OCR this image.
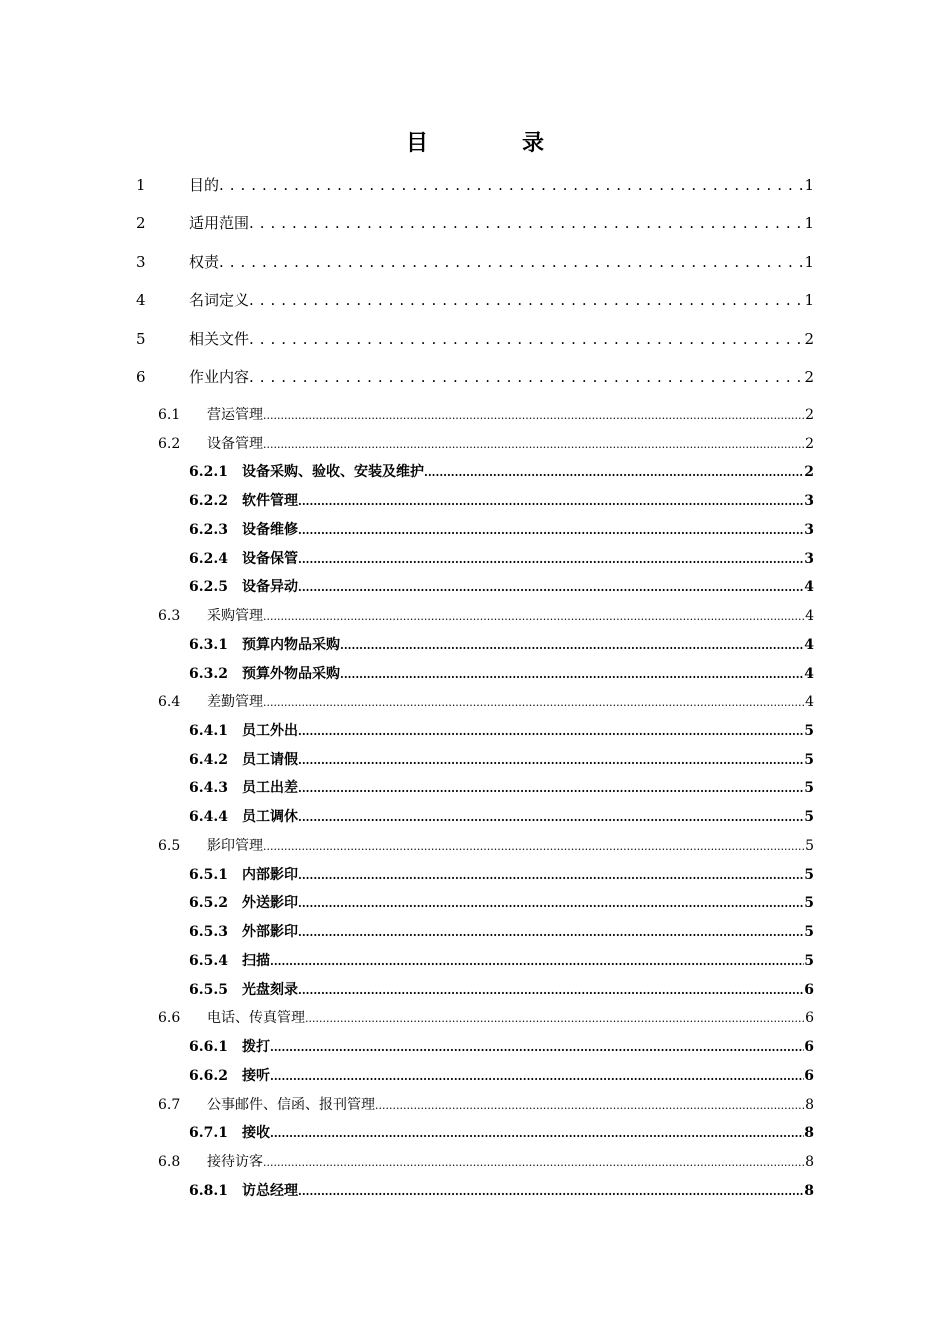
目　录
1	目的 . . .	1
2	适用范围 . . .	1
3	权责 . . .	1
4	名词定义 . . .	1
5	相关文件 . . .	2
6	作业内容 . . .	2
6.1	营运管理 .....	2
6.2	设备管理 .....	2
6.2.1	设备采购、验收、安装及维护 .....	2
6.2.2	软件管理 .....	3
6.2.3	设备维修 .....	3
6.2.4	设备保管 .....	3
6.2.5	设备异动 .....	4
6.3	采购管理 .....	4
6.3.1	预算内物品采购 .....	4
6.3.2	预算外物品采购 .....	4
6.4	差勤管理 .....	4
6.4.1	员工外出 .....	5
6.4.2	员工请假 .....	5
6.4.3	员工出差 .....	5
6.4.4	员工调休 .....	5
6.5	影印管理 .....	5
6.5.1	内部影印 .....	5
6.5.2	外送影印 .....	5
6.5.3	外部影印 .....	5
6.5.4	扫描 .....	5
6.5.5	光盘刻录 .....	6
6.6	电话、传真管理 .....	6
6.6.1	拨打 .....	6
6.6.2	接听 .....	6
6.7	公事邮件、信函、报刊管理 .....	8
6.7.1	接收 .....	8
6.8	接待访客 .....	8
6.8.1	访总经理 .....	8
